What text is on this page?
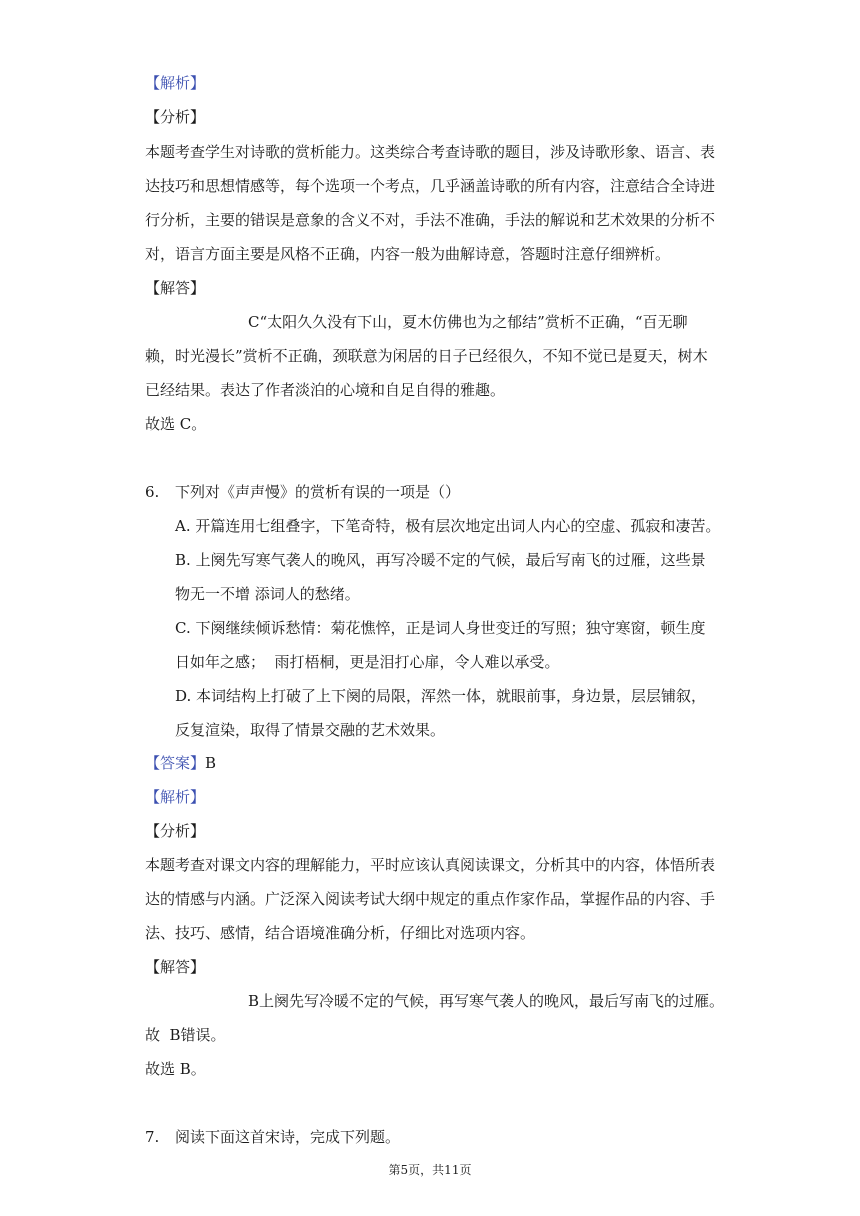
【解析】
【分析】
本题考查学生对诗歌的赏析能力。这类综合考查诗歌的题目，涉及诗歌形象、语言、表
达技巧和思想情感等，每个选项一个考点，几乎涵盖诗歌的所有内容，注意结合全诗进
行分析，主要的错误是意象的含义不对，手法不准确，手法的解说和艺术效果的分析不
对，语言方面主要是风格不正确，内容一般为曲解诗意，答题时注意仔细辨析。
【解答】
C“太阳久久没有下山，夏木仿佛也为之郁结”赏析不正确，“百无聊
赖，时光漫长”赏析不正确，颈联意为闲居的日子已经很久，不知不觉已是夏天，树木
已经结果。表达了作者淡泊的心境和自足自得的雅趣。
故选 C。
6. 下列对《声声慢》的赏析有误的一项是（）
A. 开篇连用七组叠字，下笔奇特，极有层次地定出词人内心的空虚、孤寂和凄苦。
B. 上阕先写寒气袭人的晚风，再写冷暖不定的气候，最后写南飞的过雁，这些景
物无一不增 添词人的愁绪。
C. 下阕继续倾诉愁情：菊花憔悴，正是词人身世变迁的写照；独守寒窗，顿生度
日如年之感；  雨打梧桐，更是泪打心扉，令人难以承受。
D. 本词结构上打破了上下阕的局限，浑然一体，就眼前事，身边景，层层铺叙，
反复渲染，取得了情景交融的艺术效果。
【答案】B
【解析】
【分析】
本题考查对课文内容的理解能力，平时应该认真阅读课文，分析其中的内容，体悟所表
达的情感与内涵。广泛深入阅读考试大纲中规定的重点作家作品，掌握作品的内容、手
法、技巧、感情，结合语境准确分析，仔细比对选项内容。
【解答】
B上阕先写冷暖不定的气候，再写寒气袭人的晚风，最后写南飞的过雁。
故  B错误。
故选 B。
7. 阅读下面这首宋诗，完成下列题。
第5页，共11页
